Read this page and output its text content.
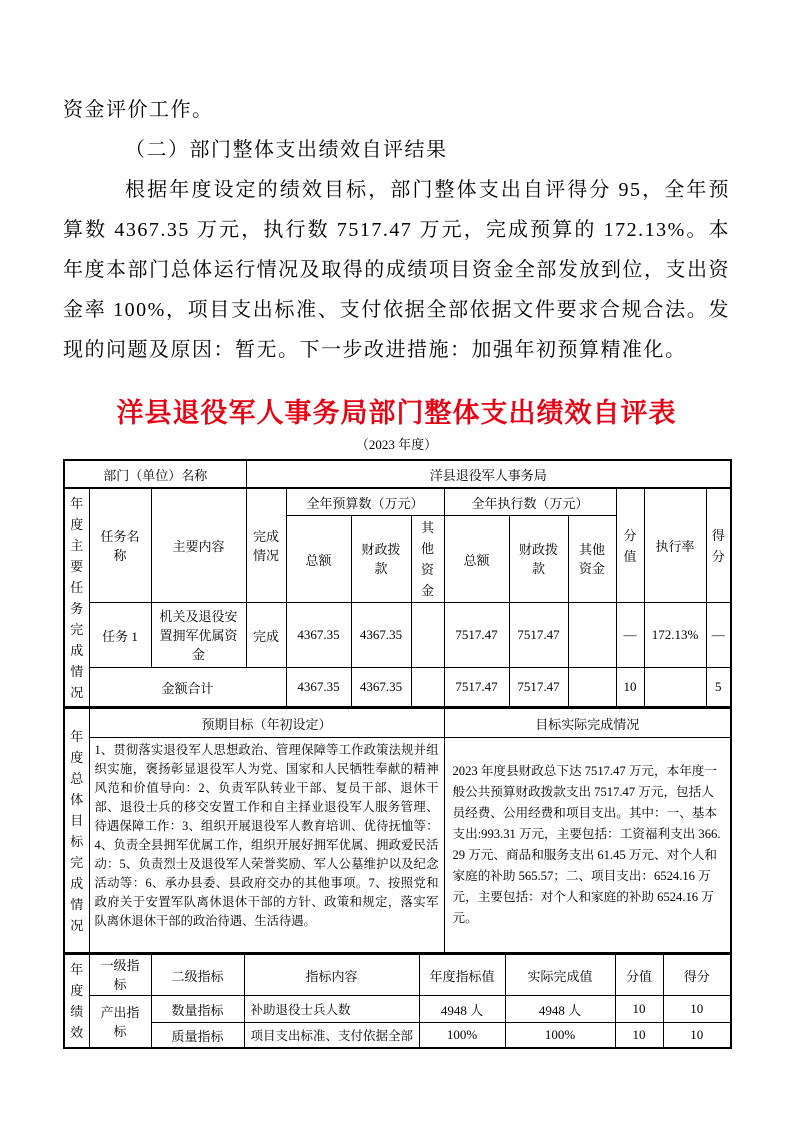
资金评价工作。

（二）部门整体支出绩效自评结果

根据年度设定的绩效目标，部门整体支出自评得分 95，全年预算数 4367.35 万元，执行数 7517.47 万元，完成预算的 172.13%。本年度本部门总体运行情况及取得的成绩项目资金全部发放到位，支出资金率 100%，项目支出标准、支付依据全部依据文件要求合规合法。发现的问题及原因：暂无。下一步改进措施：加强年初预算精准化。

洋县退役军人事务局部门整体支出绩效自评表
（2023 年度）
部门（单位）名称			洋县退役军人事务局									

年度主要任务完成情况	任务名称	主要内容	完成情况	全年预算数（万元）			全年执行数（万元）			分值	执行率	得分

				总额	财政拨款	其他资金	总额	财政拨款	其他资金			

	任务 1	机关及退役安置拥军优属资金	完成	4367.35	4367.35		7517.47	7517.47		—	172.13%	—
	金额合计			4367.35	4367.35		7517.47	7517.47		10		5
年度总体目标完成情况	预期目标（年初设定）	目标实际完成情况
	1、贯彻落实退役军人思想政治、管理保障等工作政策法规并组织实施，褒扬彰显退役军人为党、国家和人民牺牲奉献的精神风范和价值导向：2、负责军队转业干部、复员干部、退休干部、退役士兵的移交安置工作和自主择业退役军人服务管理、待遇保障工作：3、组织开展退役军人教育培训、优待抚恤等：4、负责全县拥军优属工作，组织开展好拥军优属、拥政爱民活动：5、负责烈士及退役军人荣誉奖励、军人公墓维护以及纪念活动等：6、承办县委、县政府交办的其他事项。7、按照党和政府关于安置军队离休退休干部的方针、政策和规定，落实军队离休退休干部的政治待遇、生活待遇。	2023 年度县财政总下达 7517.47 万元，本年度一般公共预算财政拨款支出 7517.47 万元，包括人员经费、公用经费和项目支出。其中：一、基本支出:993.31 万元，主要包括：工资福利支出 366.29 万元、商品和服务支出 61.45 万元、对个人和家庭的补助 565.57；二、项目支出：6524.16 万元，主要包括：对个人和家庭的补助 6524.16 万元。
年度绩效	一级指标	二级指标	指标内容	年度指标值	实际完成值	分值	得分

	产出指标	数量指标	补助退役士兵人数	4948 人	4948 人	10	10
		质量指标	项目支出标准、支付依据全部	100%	100%	10	10
